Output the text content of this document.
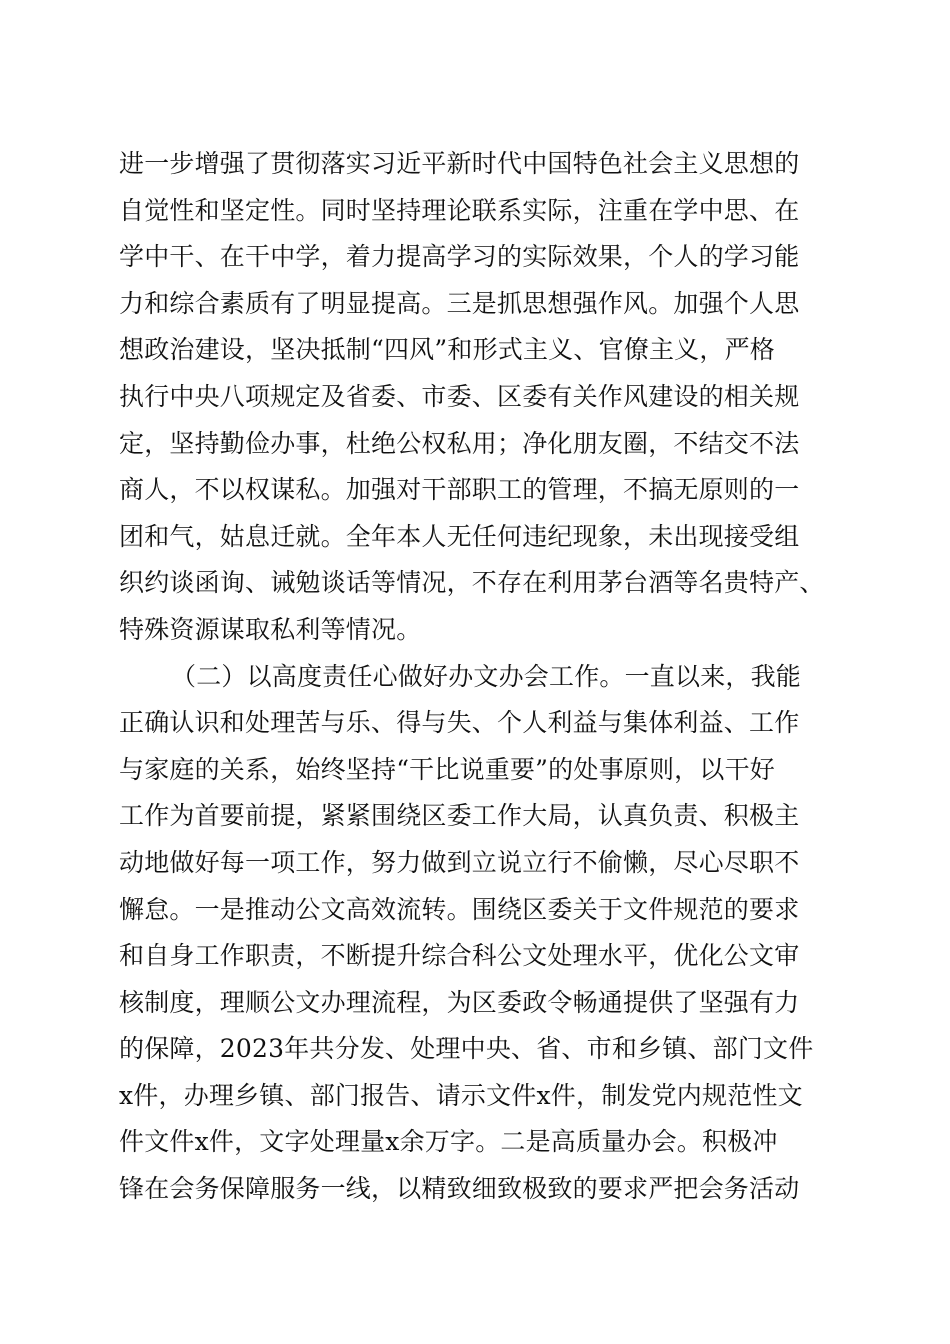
进一步增强了贯彻落实习近平新时代中国特色社会主义思想的
自觉性和坚定性。同时坚持理论联系实际，注重在学中思、在
学中干、在干中学，着力提高学习的实际效果，个人的学习能
力和综合素质有了明显提高。三是抓思想强作风。加强个人思
想政治建设，坚决抵制“四风”和形式主义、官僚主义，严格
执行中央八项规定及省委、市委、区委有关作风建设的相关规
定，坚持勤俭办事，杜绝公权私用；净化朋友圈，不结交不法
商人，不以权谋私。加强对干部职工的管理，不搞无原则的一
团和气，姑息迁就。全年本人无任何违纪现象，未出现接受组
织约谈函询、诫勉谈话等情况，不存在利用茅台酒等名贵特产、
特殊资源谋取私利等情况。
（二）以高度责任心做好办文办会工作。一直以来，我能
正确认识和处理苦与乐、得与失、个人利益与集体利益、工作
与家庭的关系，始终坚持“干比说重要”的处事原则，以干好
工作为首要前提，紧紧围绕区委工作大局，认真负责、积极主
动地做好每一项工作，努力做到立说立行不偷懒，尽心尽职不
懈怠。一是推动公文高效流转。围绕区委关于文件规范的要求
和自身工作职责，不断提升综合科公文处理水平，优化公文审
核制度，理顺公文办理流程，为区委政令畅通提供了坚强有力
的保障，2023年共分发、处理中央、省、市和乡镇、部门文件
x件，办理乡镇、部门报告、请示文件x件，制发党内规范性文
件文件x件，文字处理量x余万字。二是高质量办会。积极冲
锋在会务保障服务一线，以精致细致极致的要求严把会务活动
